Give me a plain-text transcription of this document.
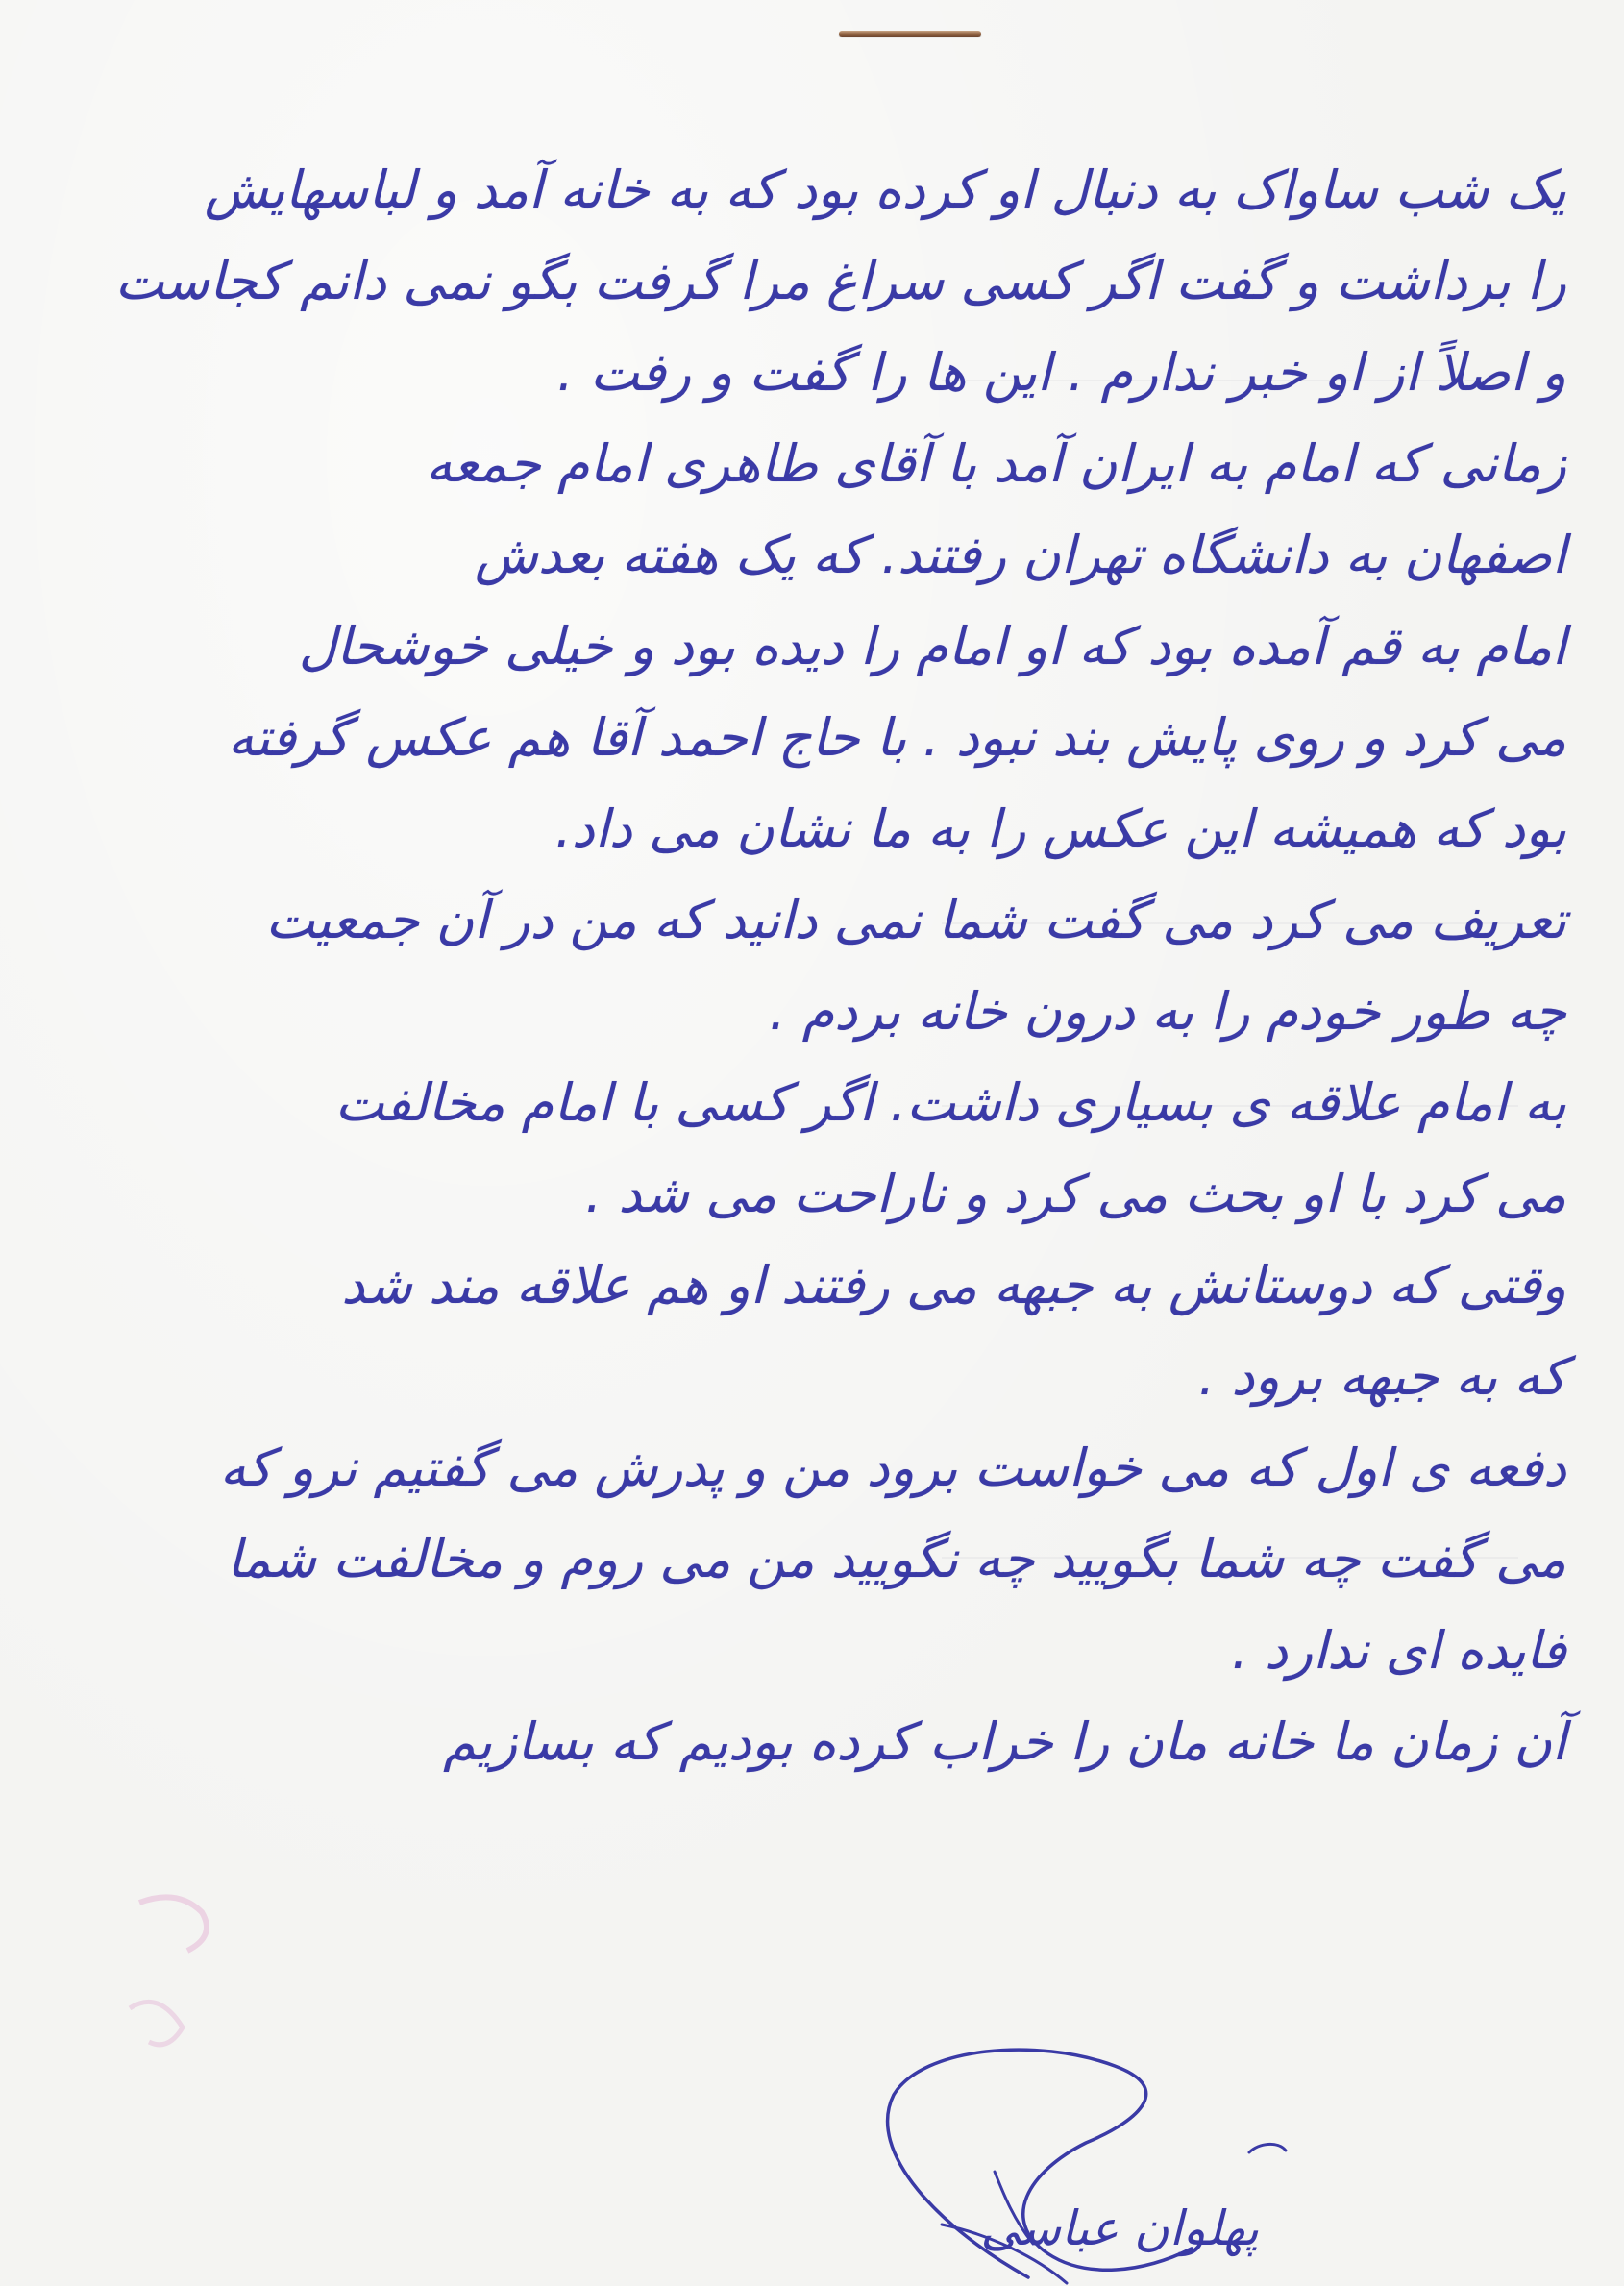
یک شب ساواک به دنبال او کرده بود که به خانه آمد و لباسهایش
را برداشت و گفت اگر کسی سراغ مرا گرفت بگو نمی دانم کجاست
و اصلاً از او خبر ندارم . این ها را گفت و رفت .
زمانی که امام به ایران آمد با آقای طاهری امام جمعه
اصفهان به دانشگاه تهران رفتند. که یک هفته بعدش
امام به قم آمده بود که او امام را دیده بود و خیلی خوشحال
می کرد و روی پایش بند نبود . با حاج احمد آقا هم عکس گرفته
بود که همیشه این عکس را به ما نشان می داد.
تعریف می کرد می گفت شما نمی دانید که من در آن جمعیت
چه طور خودم را به درون خانه بردم .
به امام علاقه ی بسیاری داشت. اگر کسی با امام مخالفت
می کرد با او بحث می کرد و ناراحت می شد .
وقتی که دوستانش به جبهه می رفتند او هم علاقه مند شد
که به جبهه برود .
دفعه ی اول که می خواست برود من و پدرش می گفتیم نرو که
می گفت چه شما بگویید چه نگویید من می روم و مخالفت شما
فایده ای ندارد .
آن زمان ما خانه مان را خراب کرده بودیم که بسازیم
پهلوان عباسی
